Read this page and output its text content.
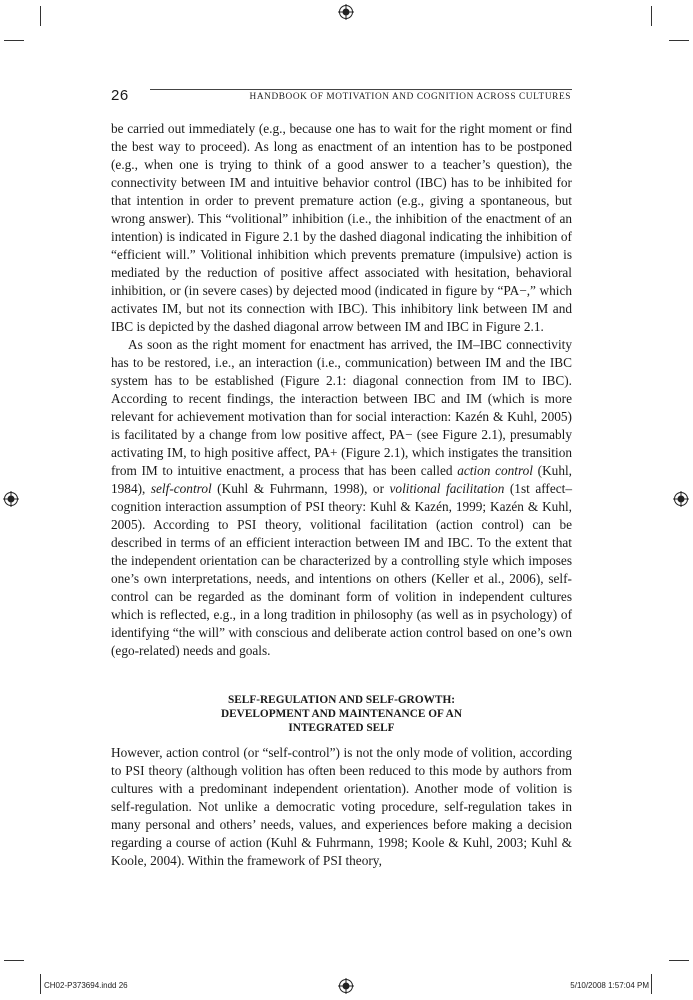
26	HANDBOOK OF MOTIVATION AND COGNITION ACROSS CULTURES

be carried out immediately (e.g., because one has to wait for the right moment or find the best way to proceed). As long as enactment of an intention has to be postponed (e.g., when one is trying to think of a good answer to a teacher’s question), the connectivity between IM and intuitive behavior control (IBC) has to be inhibited for that intention in order to prevent premature action (e.g., giving a spontaneous, but wrong answer). This “volitional” inhibition (i.e., the inhibition of the enactment of an intention) is indicated in Figure 2.1 by the dashed diagonal indicating the inhibition of “efficient will.” Volitional inhibition which prevents premature (impulsive) action is mediated by the reduction of positive affect associated with hesitation, behavioral inhibition, or (in severe cases) by dejected mood (indicated in figure by “PA−,” which activates IM, but not its connection with IBC). This inhibitory link between IM and IBC is depicted by the dashed diagonal arrow between IM and IBC in Figure 2.1.

As soon as the right moment for enactment has arrived, the IM–IBC connectivity has to be restored, i.e., an interaction (i.e., communication) between IM and the IBC system has to be established (Figure 2.1: diagonal connection from IM to IBC). According to recent findings, the interaction between IBC and IM (which is more relevant for achievement motivation than for social interaction: Kazén & Kuhl, 2005) is facilitated by a change from low positive affect, PA− (see Figure 2.1), presumably activating IM, to high positive affect, PA+ (Figure 2.1), which instigates the transition from IM to intuitive enactment, a process that has been called action control (Kuhl, 1984), self-control (Kuhl & Fuhrmann, 1998), or volitional facilitation (1st affect–cognition interaction assumption of PSI theory: Kuhl & Kazén, 1999; Kazén & Kuhl, 2005). According to PSI theory, volitional facilitation (action control) can be described in terms of an efficient interaction between IM and IBC. To the extent that the independent orientation can be characterized by a controlling style which imposes one’s own interpretations, needs, and intentions on others (Keller et al., 2006), self-control can be regarded as the dominant form of volition in independent cultures which is reflected, e.g., in a long tradition in philosophy (as well as in psychology) of identifying “the will” with conscious and deliberate action control based on one’s own (ego-related) needs and goals.

SELF-REGULATION AND SELF-GROWTH:
DEVELOPMENT AND MAINTENANCE OF AN
INTEGRATED SELF

However, action control (or “self-control”) is not the only mode of volition, according to PSI theory (although volition has often been reduced to this mode by authors from cultures with a predominant independent orientation). Another mode of volition is self-regulation. Not unlike a democratic voting procedure, self-regulation takes in many personal and others’ needs, values, and experiences before making a decision regarding a course of action (Kuhl & Fuhrmann, 1998; Koole & Kuhl, 2003; Kuhl & Koole, 2004). Within the framework of PSI theory,

CH02-P373694.indd 26	5/10/2008 1:57:04 PM
